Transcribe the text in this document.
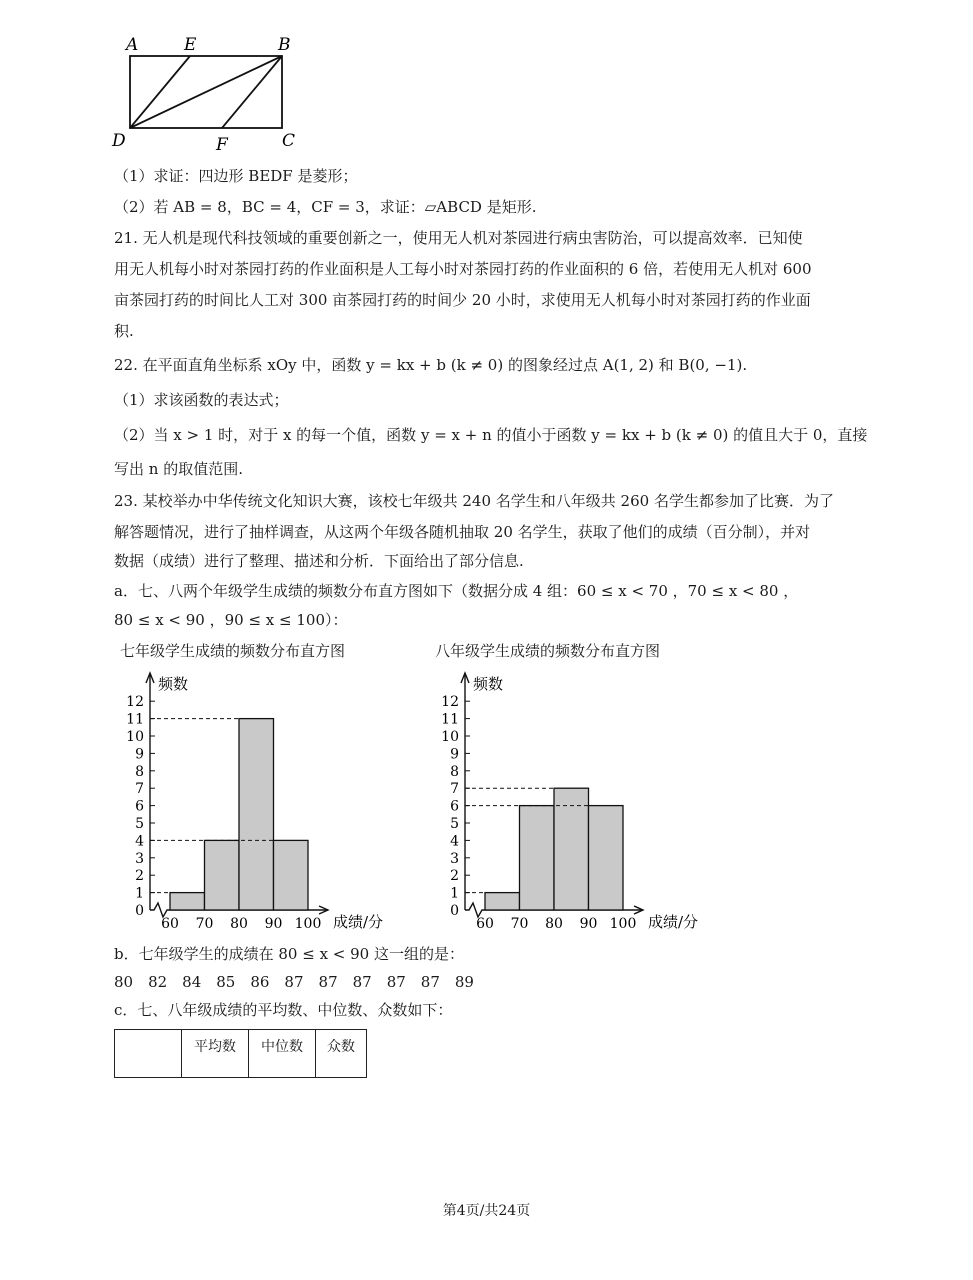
A	E	B
D	F	C
（1）求证：四边形 BEDF 是菱形；
（2）若 AB = 8，BC = 4，CF = 3，求证：▱ABCD 是矩形.
21. 无人机是现代科技领域的重要创新之一，使用无人机对茶园进行病虫害防治，可以提高效率．已知使
用无人机每小时对茶园打药的作业面积是人工每小时对茶园打药的作业面积的 6 倍，若使用无人机对 600
亩茶园打药的时间比人工对 300 亩茶园打药的时间少 20 小时，求使用无人机每小时对茶园打药的作业面
积.
22. 在平面直角坐标系 xOy 中，函数 y = kx + b (k ≠ 0) 的图象经过点 A(1, 2) 和 B(0, −1).
（1）求该函数的表达式；
（2）当 x > 1 时，对于 x 的每一个值，函数 y = x + n 的值小于函数 y = kx + b (k ≠ 0) 的值且大于 0，直接
写出 n 的取值范围.
23. 某校举办中华传统文化知识大赛，该校七年级共 240 名学生和八年级共 260 名学生都参加了比赛．为了
解答题情况，进行了抽样调查，从这两个年级各随机抽取 20 名学生，获取了他们的成绩（百分制），并对
数据（成绩）进行了整理、描述和分析．下面给出了部分信息.
a．七、八两个年级学生成绩的频数分布直方图如下（数据分成 4 组：60 ≤ x < 70 ，70 ≤ x < 80 ，
80 ≤ x < 90 ，90 ≤ x ≤ 100）：
七年级学生成绩的频数分布直方图	八年级学生成绩的频数分布直方图
频数
0
1
2
3
4
5
6
7
8
9
10
11
12
成绩/分
60 70 80 90 100
频数
0
1
2
3
4
5
6
7
8
9
10
11
12
成绩/分
60 70 80 90 100
b．七年级学生的成绩在 80 ≤ x < 90 这一组的是：
80　82　84　85　86　87　87　87　87　87　89
c．七、八年级成绩的平均数、中位数、众数如下：
	平均数	中位数	众数
第4页/共24页
